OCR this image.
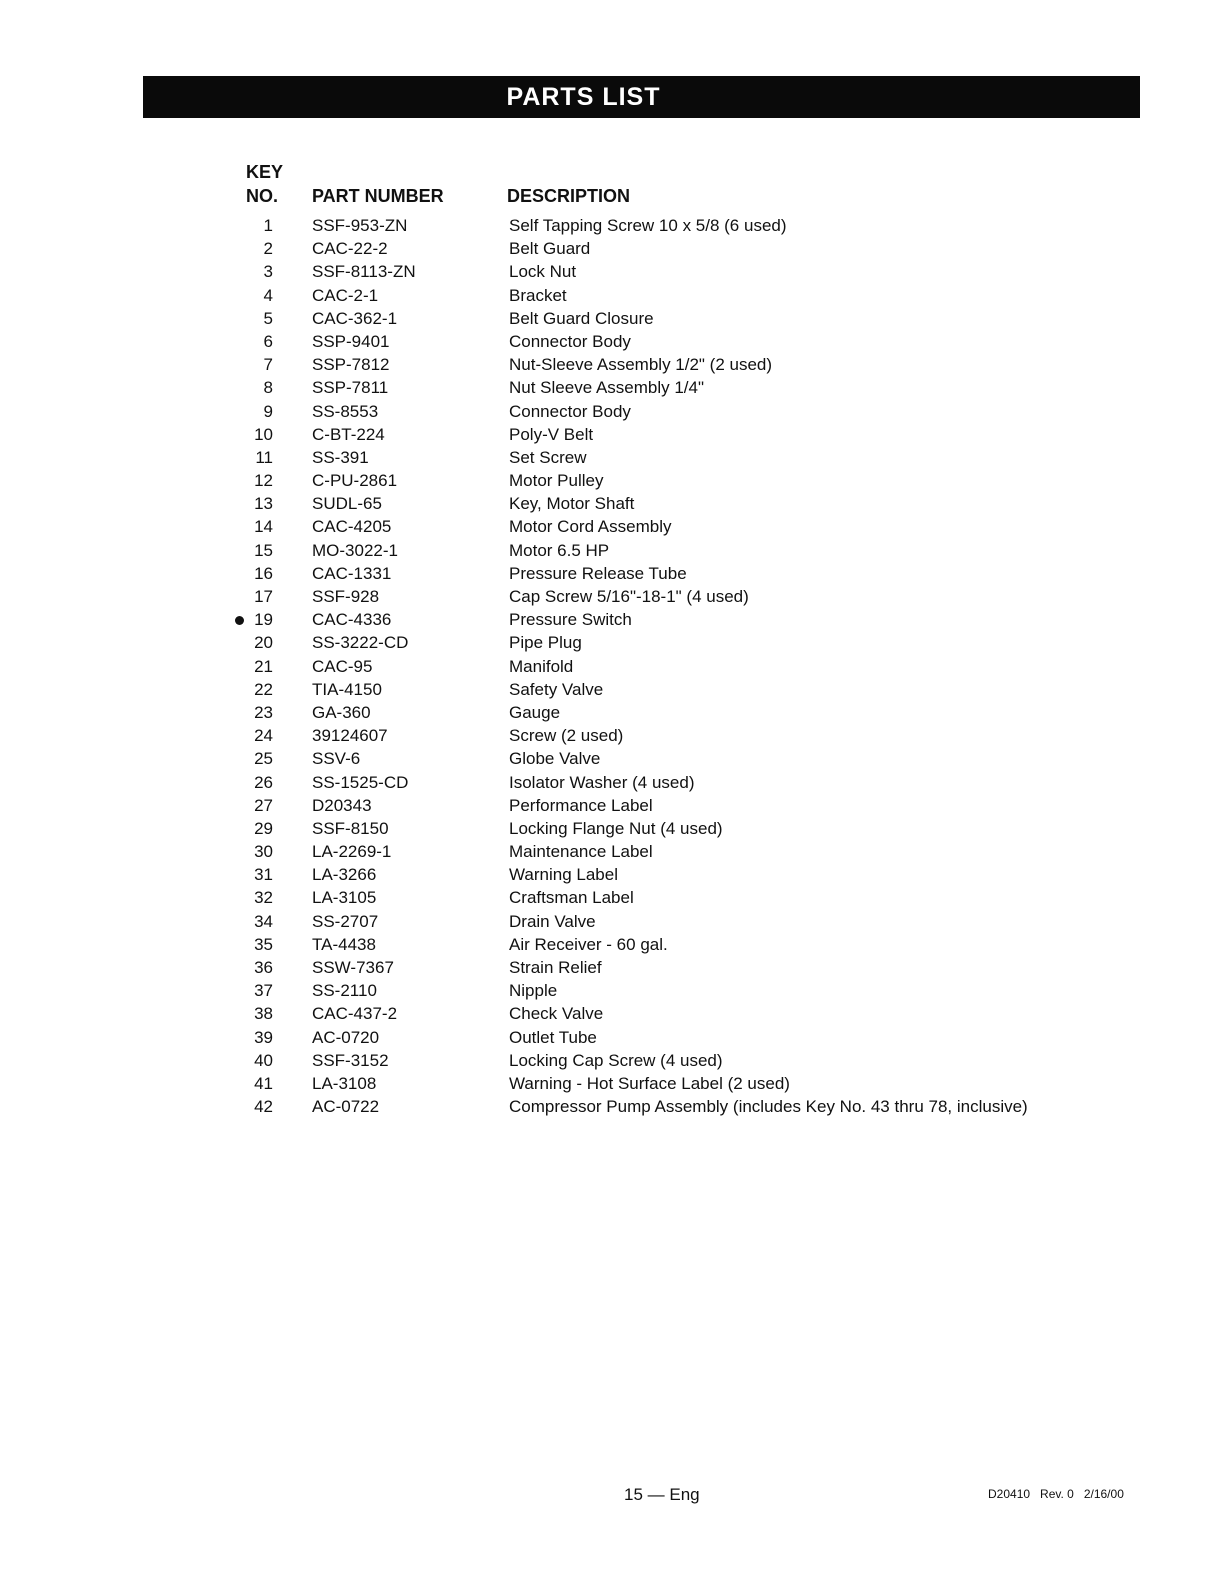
PARTS LIST
KEY
NO. PART NUMBER	DESCRIPTION
1 SSF-953-ZN	Self Tapping Screw 10 x 5/8 (6 used)
2 CAC-22-2	Belt Guard
3 SSF-8113-ZN	Lock Nut
4 CAC-2-1	Bracket
5 CAC-362-1	Belt Guard Closure
6 SSP-9401	Connector Body
7 SSP-7812	Nut-Sleeve Assembly 1/2" (2 used)
8 SSP-7811	Nut Sleeve Assembly 1/4"
9 SS-8553	Connector Body
10 C-BT-224	Poly-V Belt
11 SS-391	Set Screw
12 C-PU-2861	Motor Pulley
13 SUDL-65	Key, Motor Shaft
14 CAC-4205	Motor Cord Assembly
15 MO-3022-1	Motor 6.5 HP
16 CAC-1331	Pressure Release Tube
17 SSF-928	Cap Screw 5/16"-18-1" (4 used)
19 CAC-4336	Pressure Switch
20 SS-3222-CD	Pipe Plug
21 CAC-95	Manifold
22 TIA-4150	Safety Valve
23 GA-360	Gauge
24 39124607	Screw (2 used)
25 SSV-6	Globe Valve
26 SS-1525-CD	Isolator Washer (4 used)
27 D20343	Performance Label
29 SSF-8150	Locking Flange Nut (4 used)
30 LA-2269-1	Maintenance Label
31 LA-3266	Warning Label
32 LA-3105	Craftsman Label
34 SS-2707	Drain Valve
35 TA-4438	Air Receiver - 60 gal.
36 SSW-7367	Strain Relief
37 SS-2110	Nipple
38 CAC-437-2	Check Valve
39 AC-0720	Outlet Tube
40 SSF-3152	Locking Cap Screw (4 used)
41 LA-3108	Warning - Hot Surface Label (2 used)
42 AC-0722	Compressor Pump Assembly (includes Key No. 43 thru 78, inclusive)
15 — Eng	D20410   Rev. 0   2/16/00
